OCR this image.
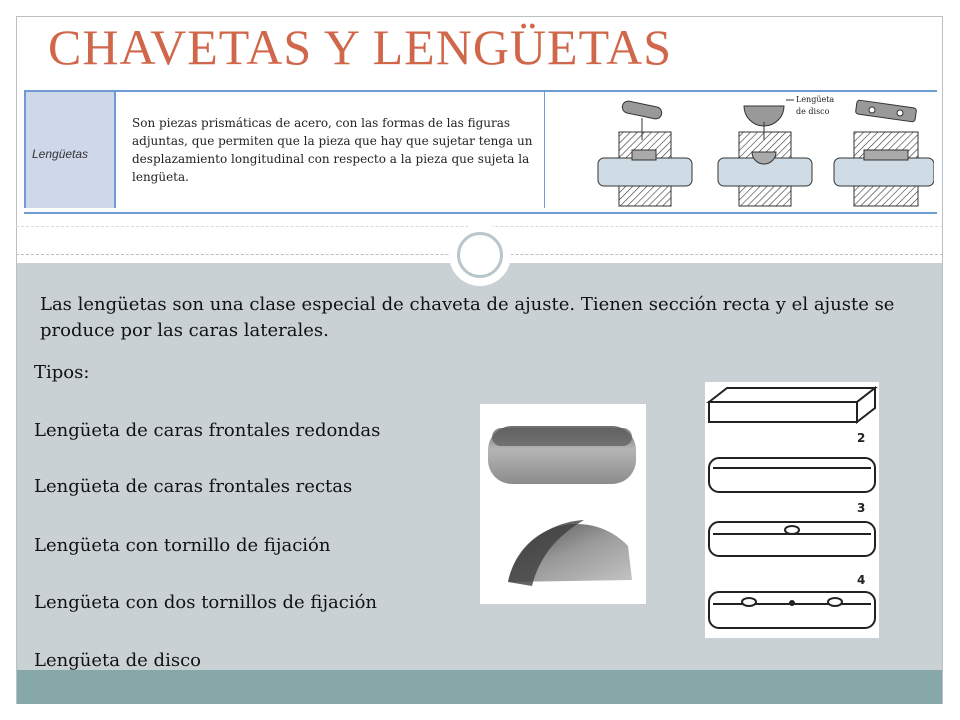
CHAVETAS Y LENGÜETAS
Lengüetas
Son piezas prismáticas de acero, con las formas de las figuras adjuntas, que permiten que la pieza que hay que sujetar tenga un desplazamiento longitudinal con respecto a la pieza que sujeta la lengüeta.
Lengüeta
de disco
Las lengüetas son una clase especial de chaveta de ajuste. Tienen sección recta y el ajuste se produce por las caras laterales.
Tipos:
Lengüeta de caras frontales redondas
Lengüeta de caras frontales rectas
Lengüeta con tornillo de fijación
Lengüeta con dos tornillos de fijación
Lengüeta de disco
2
3
4
